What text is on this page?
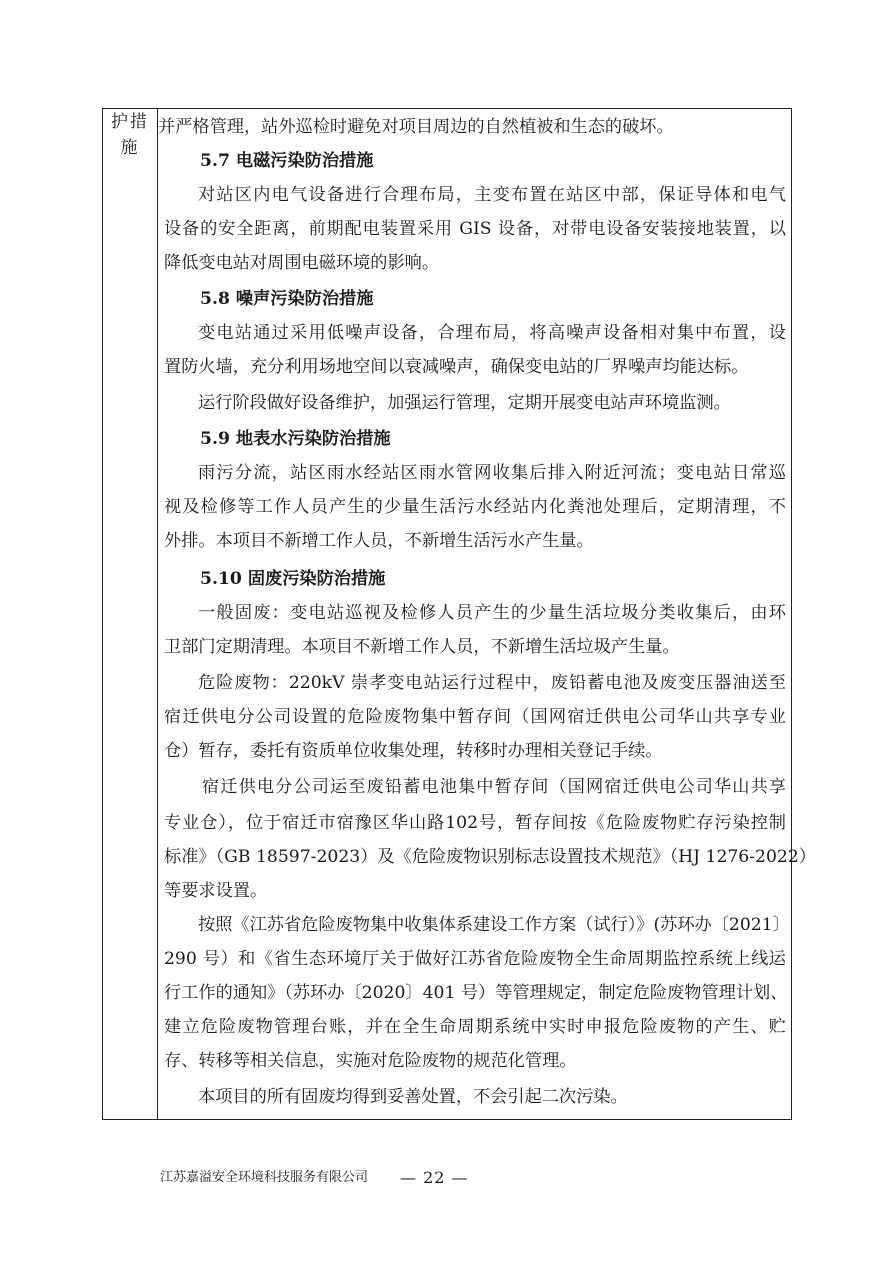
护措施
并严格管理，站外巡检时避免对项目周边的自然植被和生态的破坏。
5.7 电磁污染防治措施
对站区内电气设备进行合理布局，主变布置在站区中部，保证导体和电气
设备的安全距离，前期配电装置采用 GIS 设备，对带电设备安装接地装置，以
降低变电站对周围电磁环境的影响。
5.8 噪声污染防治措施
变电站通过采用低噪声设备，合理布局，将高噪声设备相对集中布置，设
置防火墙，充分利用场地空间以衰减噪声，确保变电站的厂界噪声均能达标。
运行阶段做好设备维护，加强运行管理，定期开展变电站声环境监测。
5.9 地表水污染防治措施
雨污分流，站区雨水经站区雨水管网收集后排入附近河流；变电站日常巡
视及检修等工作人员产生的少量生活污水经站内化粪池处理后，定期清理，不
外排。本项目不新增工作人员，不新增生活污水产生量。
5.10 固废污染防治措施
一般固废：变电站巡视及检修人员产生的少量生活垃圾分类收集后，由环
卫部门定期清理。本项目不新增工作人员，不新增生活垃圾产生量。
危险废物：220kV 崇孝变电站运行过程中，废铅蓄电池及废变压器油送至
宿迁供电分公司设置的危险废物集中暂存间（国网宿迁供电公司华山共享专业
仓）暂存，委托有资质单位收集处理，转移时办理相关登记手续。
宿迁供电分公司运至废铅蓄电池集中暂存间（国网宿迁供电公司华山共享
专业仓），位于宿迁市宿豫区华山路102号，暂存间按《危险废物贮存污染控制
标准》（GB 18597-2023）及《危险废物识别标志设置技术规范》（HJ 1276-2022）
等要求设置。
按照《江苏省危险废物集中收集体系建设工作方案（试行）》(苏环办〔2021〕
290 号）和《省生态环境厅关于做好江苏省危险废物全生命周期监控系统上线运
行工作的通知》（苏环办〔2020〕401 号）等管理规定，制定危险废物管理计划、
建立危险废物管理台账，并在全生命周期系统中实时申报危险废物的产生、贮
存、转移等相关信息，实施对危险废物的规范化管理。
本项目的所有固废均得到妥善处置，不会引起二次污染。
江苏嘉溢安全环境科技服务有限公司 — 22 —
